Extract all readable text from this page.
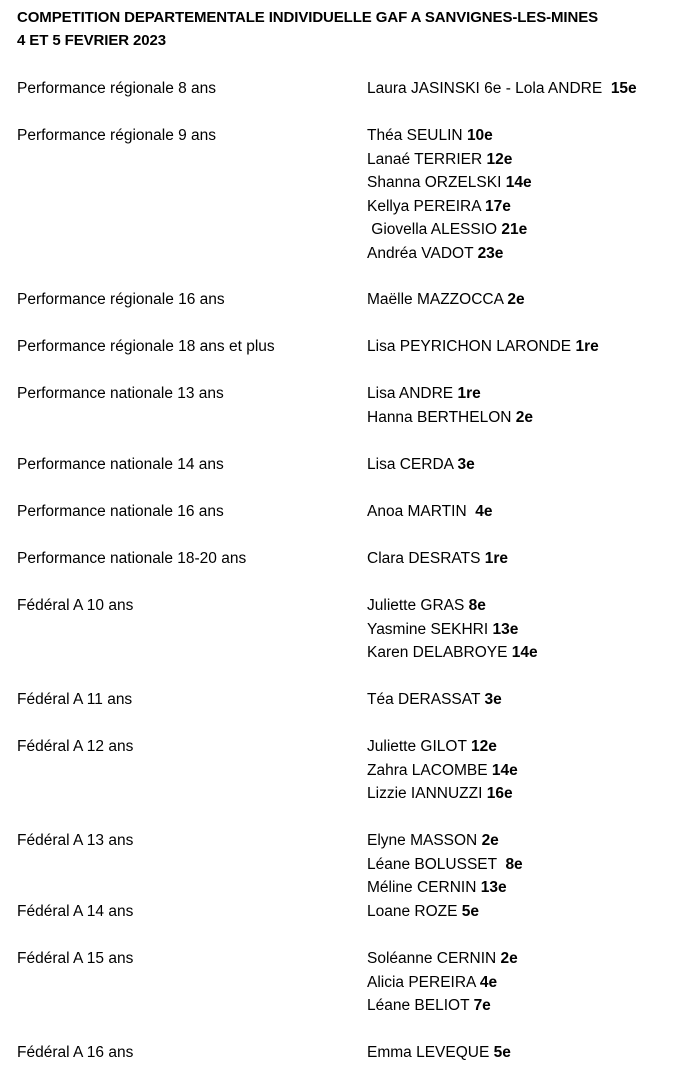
COMPETITION DEPARTEMENTALE INDIVIDUELLE GAF A SANVIGNES-LES-MINES
4 ET 5 FEVRIER 2023
Performance régionale 8 ans	Laura JASINSKI 6e - Lola ANDRE  15e
Performance régionale 9 ans	Théa SEULIN 10e
Lanaé TERRIER 12e
Shanna ORZELSKI 14e
Kellya PEREIRA 17e
Giovella ALESSIO 21e
Andréa VADOT 23e
Performance régionale 16 ans	Maëlle MAZZOCCA 2e
Performance régionale 18 ans et plus	Lisa PEYRICHON LARONDE 1re
Performance nationale 13 ans	Lisa ANDRE 1re
Hanna BERTHELON 2e
Performance nationale 14 ans	Lisa CERDA 3e
Performance nationale 16 ans	Anoa MARTIN  4e
Performance nationale 18-20 ans	Clara DESRATS 1re
Fédéral A 10 ans	Juliette GRAS 8e
Yasmine SEKHRI 13e
Karen DELABROYE 14e
Fédéral A 11 ans	Téa DERASSAT 3e
Fédéral A 12 ans	Juliette GILOT 12e
Zahra LACOMBE 14e
Lizzie IANNUZZI 16e
Fédéral A 13 ans	Elyne MASSON 2e
Léane BOLUSSET  8e
Méline CERNIN 13e
Fédéral A 14 ans	Loane ROZE 5e
Fédéral A 15 ans	Soléanne CERNIN 2e
Alicia PEREIRA 4e
Léane BELIOT 7e
Fédéral A 16 ans	Emma LEVEQUE 5e
